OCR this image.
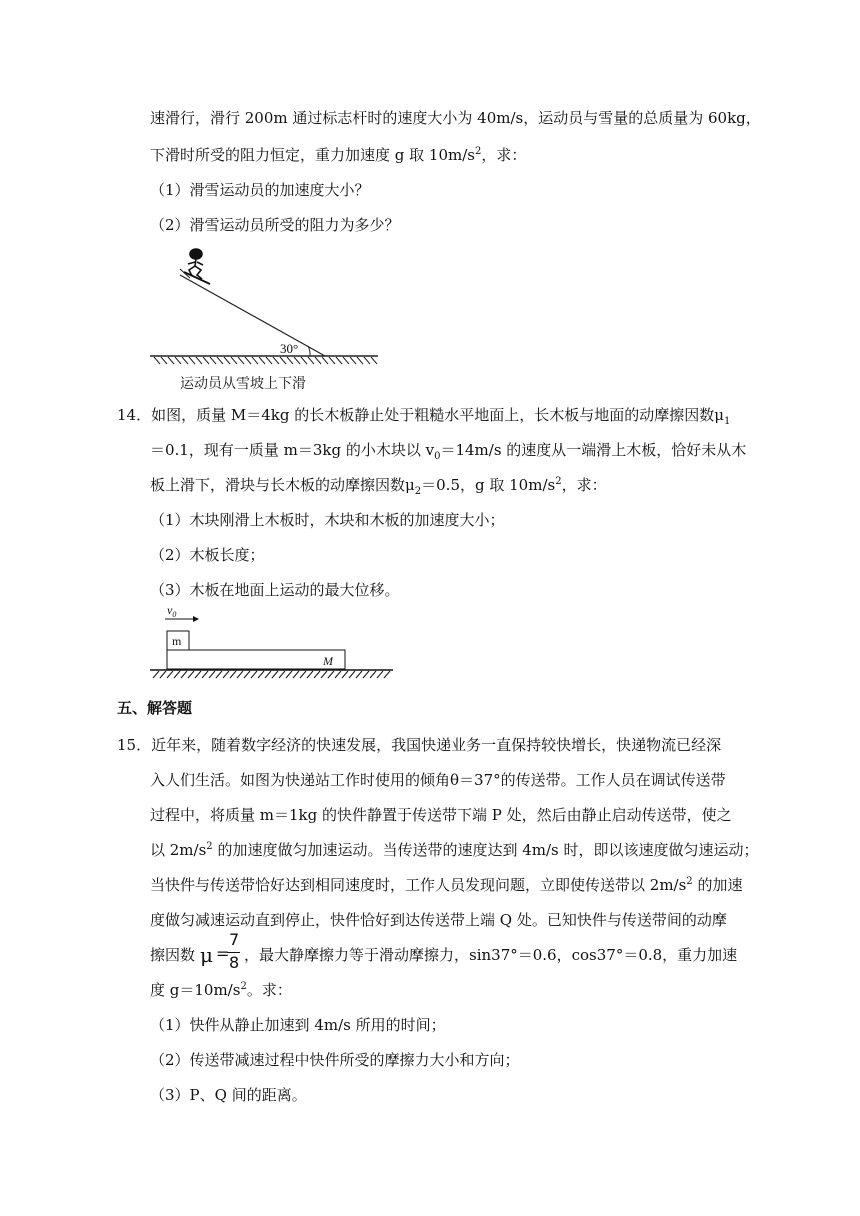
速滑行，滑行 200m 通过标志杆时的速度大小为 40m/s，运动员与雪量的总质量为 60kg，
下滑时所受的阻力恒定，重力加速度 g 取 $10m/s^2$，求：
（1）滑雪运动员的加速度大小？
（2）滑雪运动员所受的阻力为多少？
30°
运动员从雪坡上下滑
14．如图，质量 M＝4kg 的长木板静止处于粗糙水平地面上，长木板与地面的动摩擦因数$\mu_1$
＝0.1，现有一质量 m＝3kg 的小木块以 $v_0=14m/s$ 的速度从一端滑上木板，恰好未从木
板上滑下，滑块与长木板的动摩擦因数$\mu_2=0.5$，g 取 $10m/s^2$，求：
（1）木块刚滑上木板时，木块和木板的加速度大小；
（2）木板长度；
（3）木板在地面上运动的最大位移。
$v_0$
m
M
五、解答题
15．近年来，随着数字经济的快速发展，我国快递业务一直保持较快增长，快递物流已经深
入人们生活。如图为快递站工作时使用的倾角θ＝37°的传送带。工作人员在调试传送带
过程中，将质量 m＝1kg 的快件静置于传送带下端 P 处，然后由静止启动传送带，使之
以 $2m/s^2$ 的加速度做匀加速运动。当传送带的速度达到 4m/s 时，即以该速度做匀速运动；
当快件与传送带恰好达到相同速度时，工作人员发现问题，立即使传送带以 $2m/s^2$ 的加速
度做匀减速运动直到停止，快件恰好到达传送带上端 Q 处。已知快件与传送带间的动摩
擦因数 μ =
7
8 ，最大静摩擦力等于滑动摩擦力，sin37°＝0.6，cos37°＝0.8，重力加速
度 $g=10m/s^2$。求：
（1）快件从静止加速到 4m/s 所用的时间；
（2）传送带减速过程中快件所受的摩擦力大小和方向；
（3）P、Q 间的距离。
